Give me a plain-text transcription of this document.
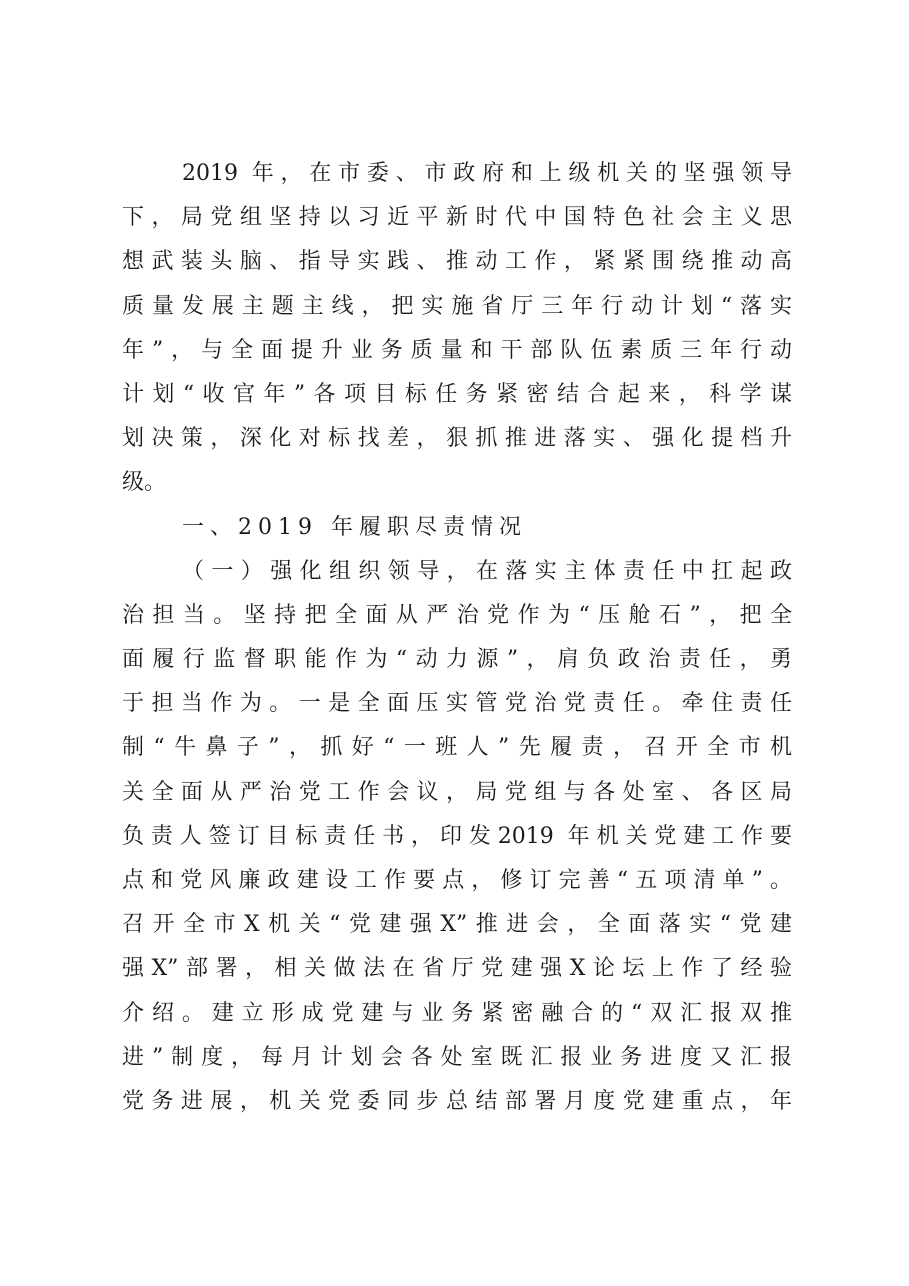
2019 年，在市委、市政府和上级机关的坚强领导
下，局党组坚持以习近平新时代中国特色社会主义思
想武装头脑、指导实践、推动工作，紧紧围绕推动高
质量发展主题主线，把实施省厅三年行动计划“落实
年”，与全面提升业务质量和干部队伍素质三年行动
计划“收官年”各项目标任务紧密结合起来，科学谋
划决策，深化对标找差，狠抓推进落实、强化提档升
级。
一、2019 年履职尽责情况
（一）强化组织领导，在落实主体责任中扛起政
治担当。坚持把全面从严治党作为“压舱石”，把全
面履行监督职能作为“动力源”，肩负政治责任，勇
于担当作为。一是全面压实管党治党责任。牵住责任
制“牛鼻子”，抓好“一班人”先履责，召开全市机
关全面从严治党工作会议，局党组与各处室、各区局
负责人签订目标责任书，印发2019 年机关党建工作要
点和党风廉政建设工作要点，修订完善“五项清单”。
召开全市X机关“党建强X”推进会，全面落实“党建
强X”部署，相关做法在省厅党建强X论坛上作了经验
介绍。建立形成党建与业务紧密融合的“双汇报双推
进”制度，每月计划会各处室既汇报业务进度又汇报
党务进展，机关党委同步总结部署月度党建重点，年
